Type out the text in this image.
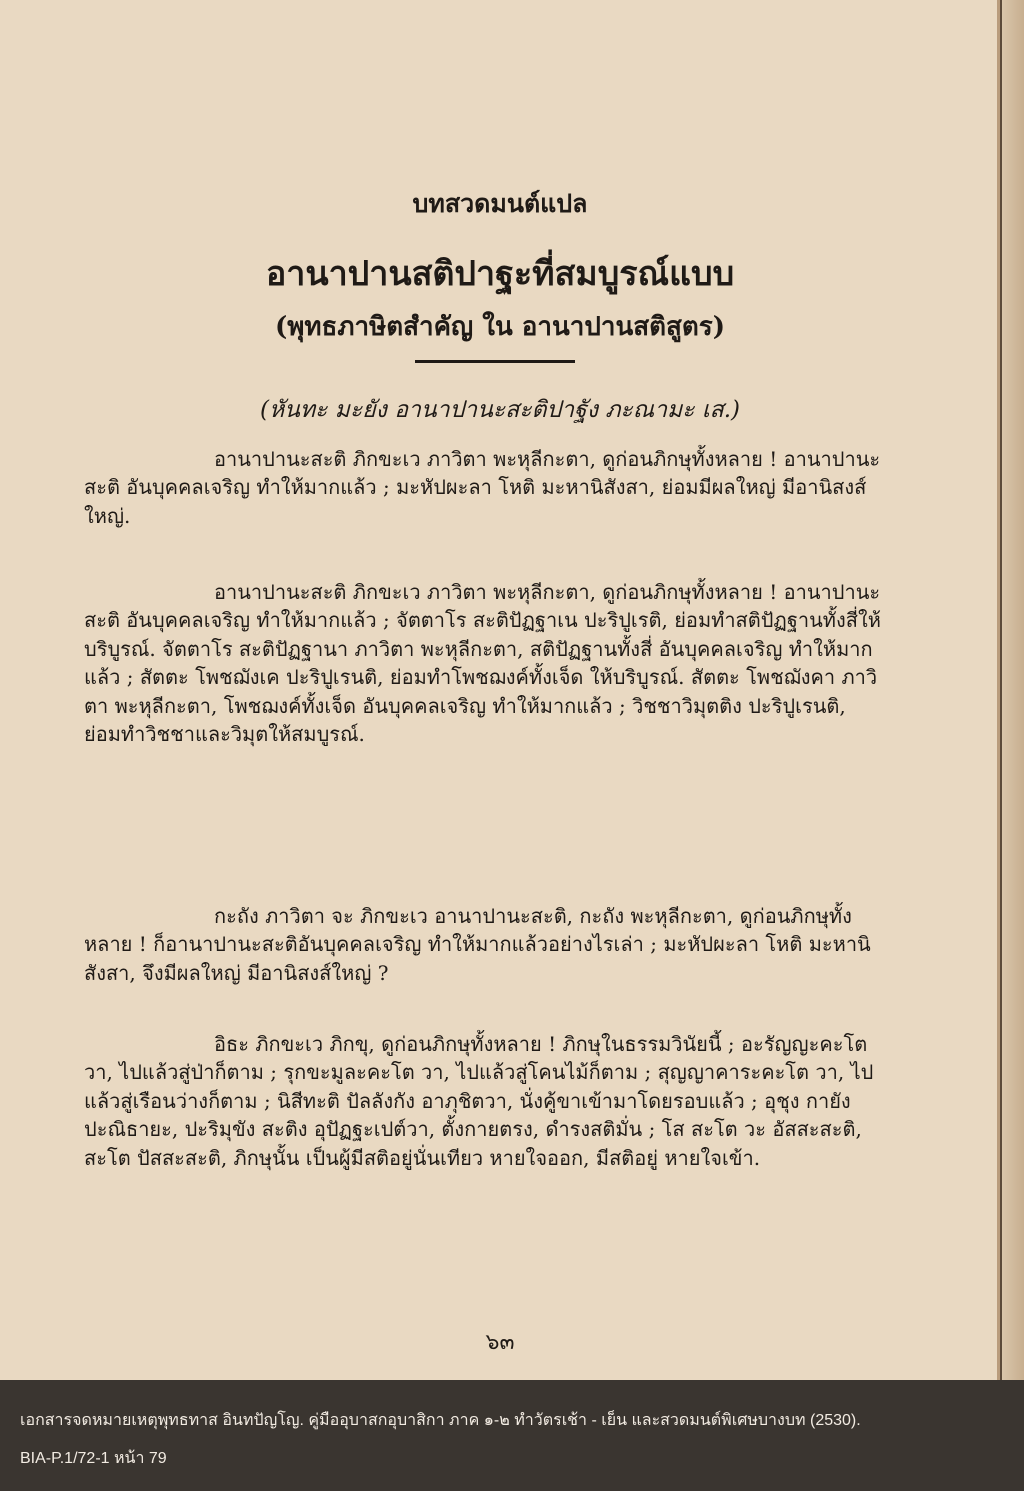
บทสวดมนต์แปล
อานาปานสติปาฐะที่สมบูรณ์แบบ
(พุทธภาษิตสำคัญ ใน อานาปานสติสูตร)
(หันทะ มะยัง อานาปานะสะติปาฐัง ภะณามะ เส.)
อานาปานะสะติ ภิกขะเว ภาวิตา พะหุลีกะตา, ดูก่อนภิกษุทั้งหลาย ! อานาปานะสะติ อันบุคคลเจริญ ทำให้มากแล้ว ; มะหัปผะลา โหติ มะหานิสังสา, ย่อมมีผลใหญ่ มีอานิสงส์ใหญ่.
อานาปานะสะติ ภิกขะเว ภาวิตา พะหุลีกะตา, ดูก่อนภิกษุทั้งหลาย ! อานาปานะสะติ อันบุคคลเจริญ ทำให้มากแล้ว ; จัตตาโร สะติปัฏฐาเน ปะริปูเรติ, ย่อมทำสติปัฏฐานทั้งสี่ให้บริบูรณ์. จัตตาโร สะติปัฏฐานา ภาวิตา พะหุลีกะตา, สติปัฏฐานทั้งสี่ อันบุคคลเจริญ ทำให้มากแล้ว ; สัตตะ โพชฌังเค ปะริปูเรนติ, ย่อมทำโพชฌงค์ทั้งเจ็ด ให้บริบูรณ์. สัตตะ โพชฌังคา ภาวิตา พะหุลีกะตา, โพชฌงค์ทั้งเจ็ด อันบุคคลเจริญ ทำให้มากแล้ว ; วิชชาวิมุตติง ปะริปูเรนติ, ย่อมทำวิชชาและวิมุตให้สมบูรณ์.
กะถัง ภาวิตา จะ ภิกขะเว อานาปานะสะติ, กะถัง พะหุลีกะตา, ดูก่อนภิกษุทั้งหลาย ! ก็อานาปานะสะติอันบุคคลเจริญ ทำให้มากแล้วอย่างไรเล่า ; มะหัปผะลา โหติ มะหานิสังสา, จึงมีผลใหญ่ มีอานิสงส์ใหญ่ ?
อิธะ ภิกขะเว ภิกขุ, ดูก่อนภิกษุทั้งหลาย ! ภิกษุในธรรมวินัยนี้ ; อะรัญญะคะโต วา, ไปแล้วสู่ป่าก็ตาม ; รุกขะมูละคะโต วา, ไปแล้วสู่โคนไม้ก็ตาม ; สุญญาคาระคะโต วา, ไปแล้วสู่เรือนว่างก็ตาม ; นิสีทะติ ปัลลังกัง อาภุชิตวา, นั่งคู้ขาเข้ามาโดยรอบแล้ว ; อุชุง กายัง ปะณิธายะ, ปะริมุขัง สะติง อุปัฏฐะเปต์วา, ตั้งกายตรง, ดำรงสติมั่น ; โส สะโต วะ อัสสะสะติ, สะโต ปัสสะสะติ, ภิกษุนั้น เป็นผู้มีสติอยู่นั่นเทียว หายใจออก, มีสติอยู่ หายใจเข้า.
๖๓
เอกสารจดหมายเหตุพุทธทาส อินทปัญโญ. คู่มืออุบาสกอุบาสิกา ภาค ๑-๒ ทำวัตรเช้า - เย็น และสวดมนต์พิเศษบางบท (2530).
BIA-P.1/72-1 หน้า 79
